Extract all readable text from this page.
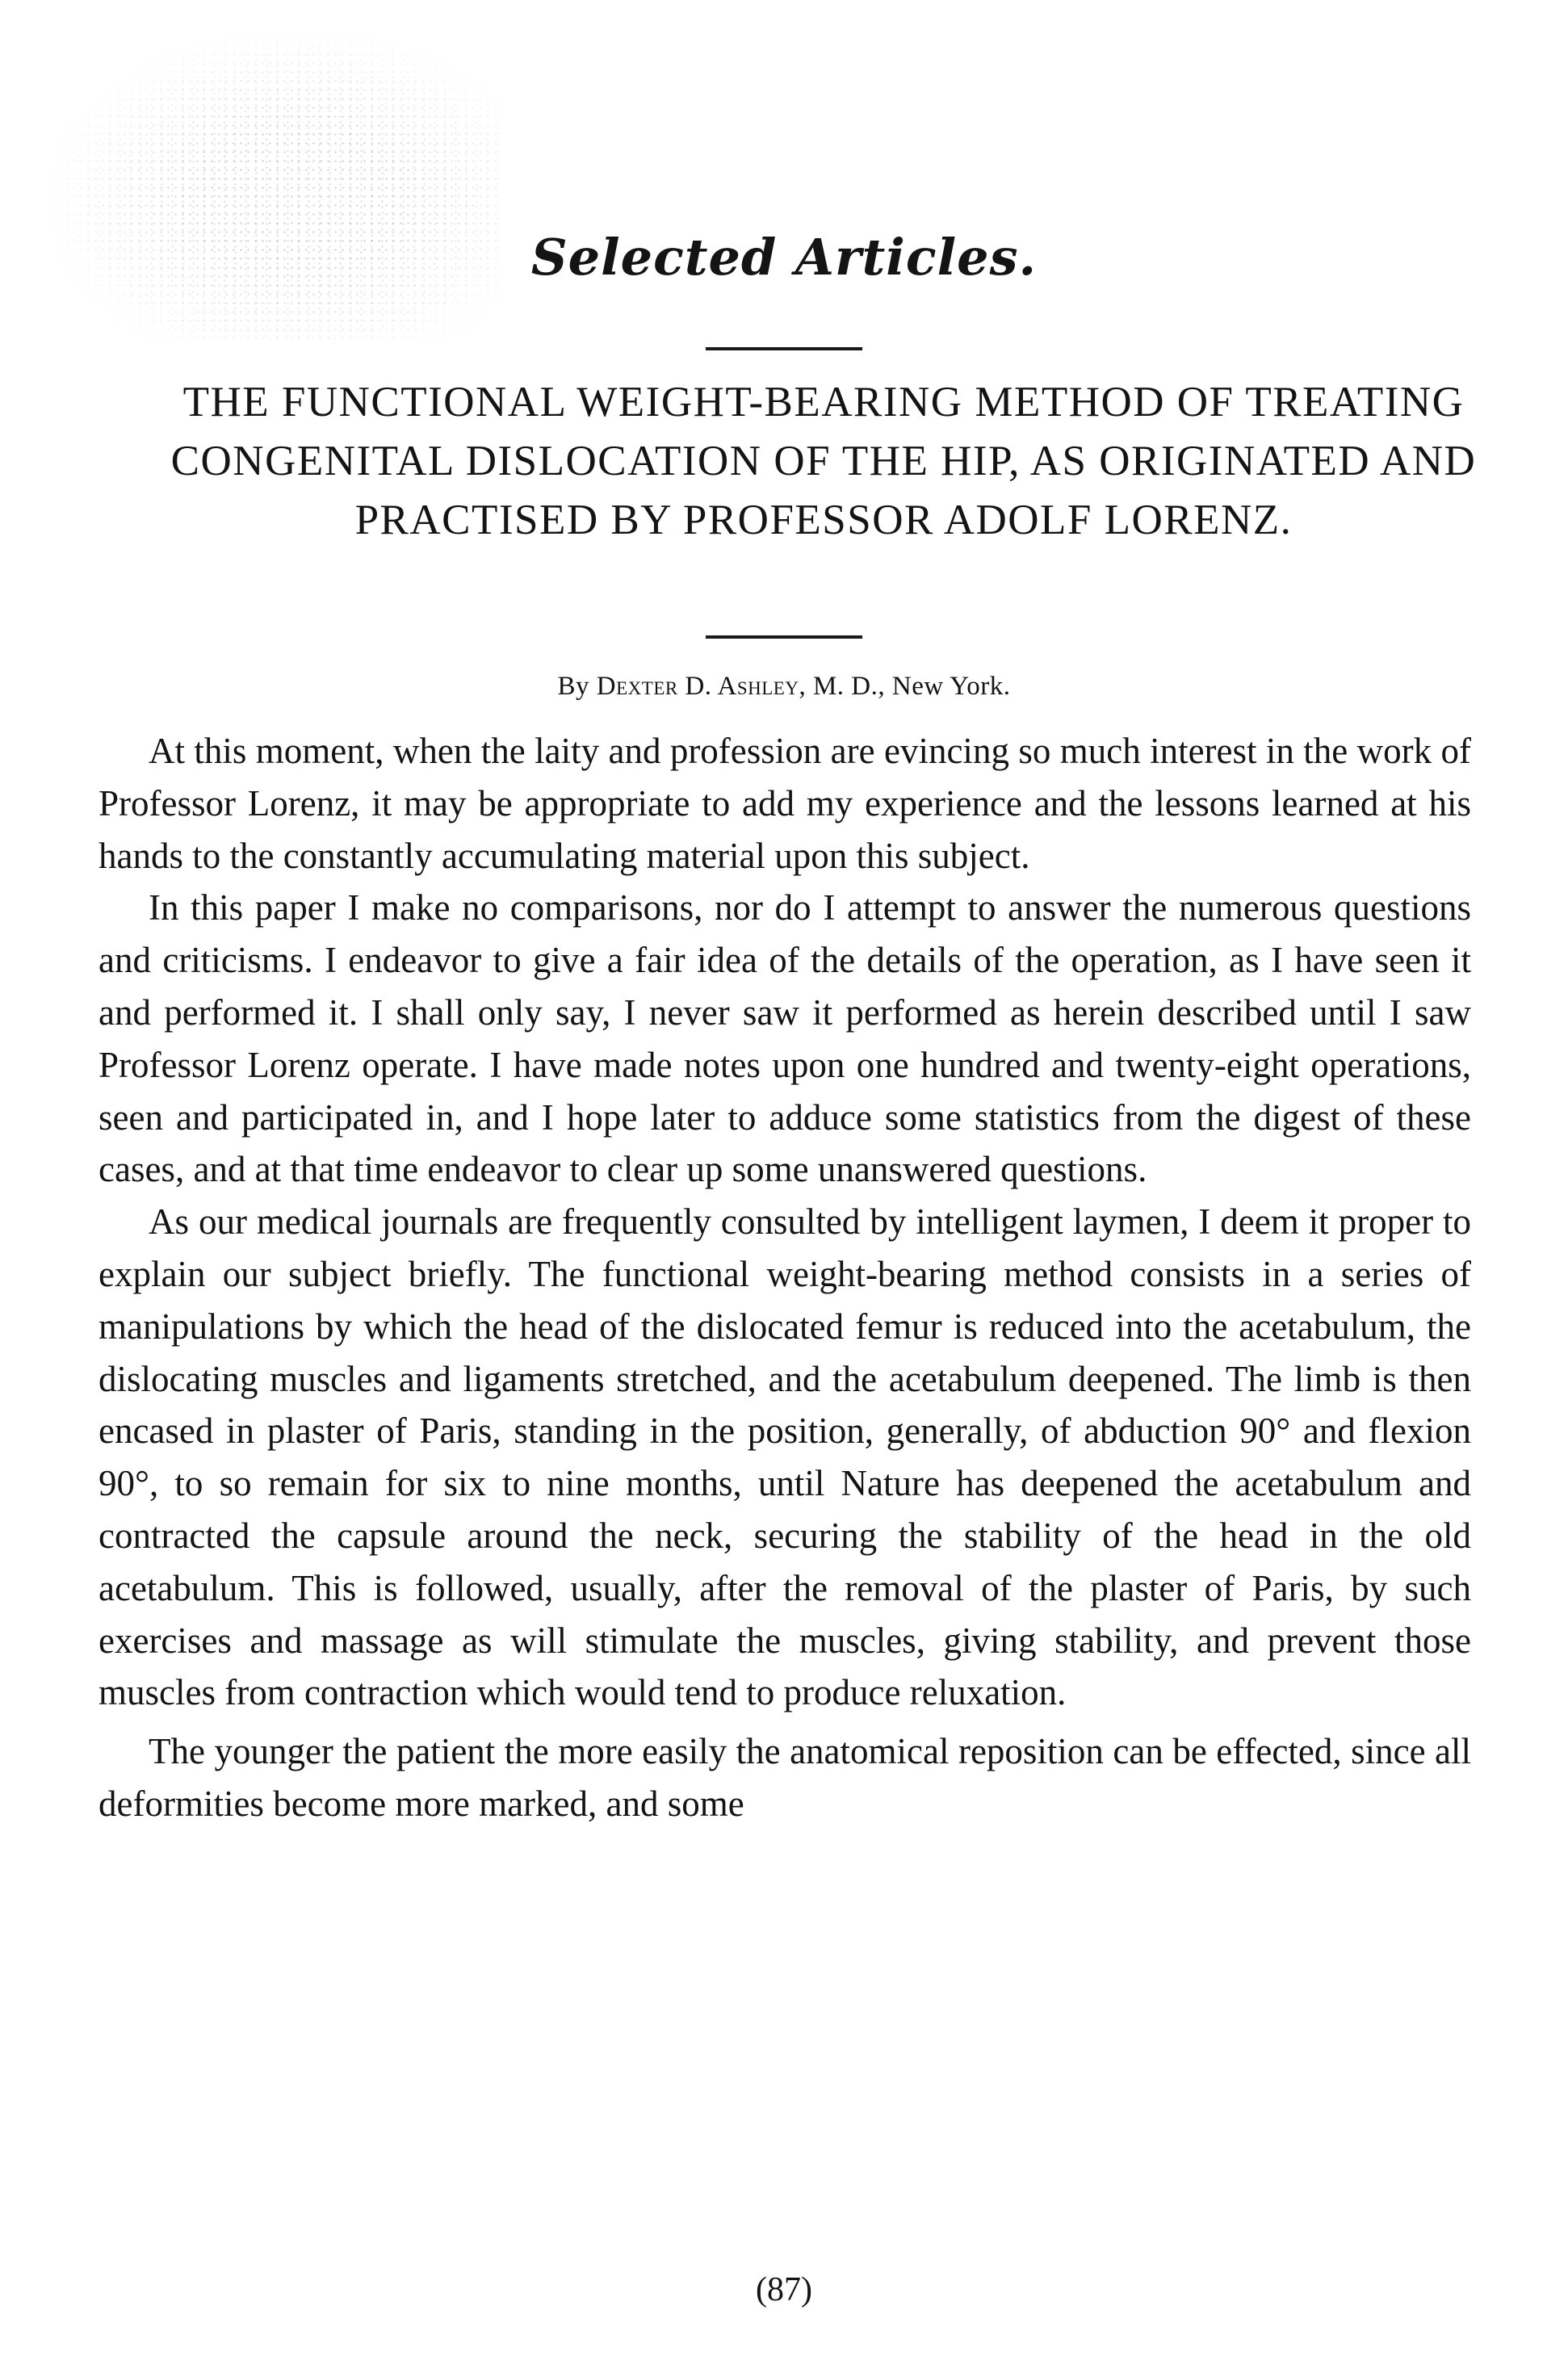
Selected Articles.
THE FUNCTIONAL WEIGHT-BEARING METHOD OF TREATING CONGENITAL DISLOCATION OF THE HIP, AS ORIGINATED AND PRACTISED BY PROFESSOR ADOLF LORENZ.
By Dexter D. Ashley, M. D., New York.

At this moment, when the laity and profession are evincing so much interest in the work of Professor Lorenz, it may be appropriate to add my experience and the lessons learned at his hands to the constantly accumulating material upon this subject.

In this paper I make no comparisons, nor do I attempt to answer the numerous questions and criticisms. I endeavor to give a fair idea of the details of the operation, as I have seen it and performed it. I shall only say, I never saw it performed as herein described until I saw Professor Lorenz operate. I have made notes upon one hundred and twenty-eight operations, seen and participated in, and I hope later to adduce some statistics from the digest of these cases, and at that time endeavor to clear up some unanswered questions.

As our medical journals are frequently consulted by intelligent laymen, I deem it proper to explain our subject briefly. The functional weight-bearing method consists in a series of manipulations by which the head of the dislocated femur is reduced into the acetabulum, the dislocating muscles and ligaments stretched, and the acetabulum deepened. The limb is then encased in plaster of Paris, standing in the position, generally, of abduction 90° and flexion 90°, to so remain for six to nine months, until Nature has deepened the acetabulum and contracted the capsule around the neck, securing the stability of the head in the old acetabulum. This is followed, usually, after the removal of the plaster of Paris, by such exercises and massage as will stimulate the muscles, giving stability, and prevent those muscles from contraction which would tend to produce reluxation.

The younger the patient the more easily the anatomical reposition can be effected, since all deformities become more marked, and some

(87)
